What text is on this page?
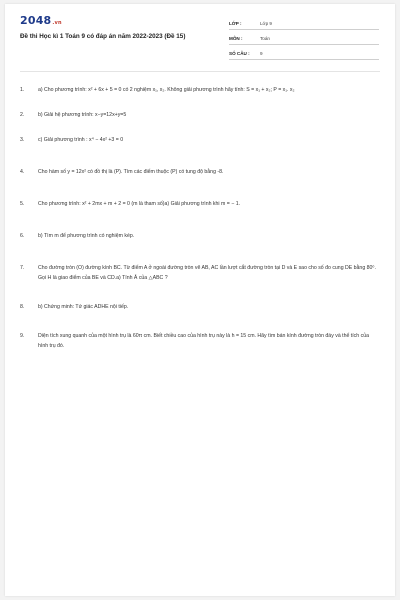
2048.vn
Đề thi Học kì 1 Toán 9 có đáp án năm 2022-2023 (Đề 15)
LỚP :	Lớp 9
MÔN :	Toán
SỐ CÂU :	9
1.	a) Cho phương trình: x² + 6x + 5 = 0 có 2 nghiệm x₁, x₂. Không giải phương trình hãy tính: S = x₁ + x₂; P = x₁. x₂
2.	b) Giải hệ phương trình: x−y=12x+y=5
3.	c) Giải phương trình : x⁴ − 4x² +3 = 0
4.	Cho hàm số y = 12x² có đồ thị là (P). Tìm các điểm thuộc (P) có tung độ bằng -8.
5.	Cho phương trình: x² + 2mx + m + 2 = 0 (m là tham số)a) Giải phương trình khi m = − 1.
6.	b) Tìm m để phương trình có nghiệm kép.
7.	Cho đường tròn (O) đường kính BC. Từ điểm A ở ngoài đường tròn vẽ AB, AC lần lượt cắt đường tròn tại D và E sao cho số đo cung DE bằng 80⁰. Gọi H là giao điểm của BE và CD.a) Tính Â của △ABC ?
8.	b) Chứng minh: Tứ giác ADHE nội tiếp.
9.	Diện tích xung quanh của một hình trụ là 60π cm. Biết chiều cao của hình trụ này là h = 15 cm. Hãy tìm bán kính đường tròn đáy và thể tích của hình trụ đó.
